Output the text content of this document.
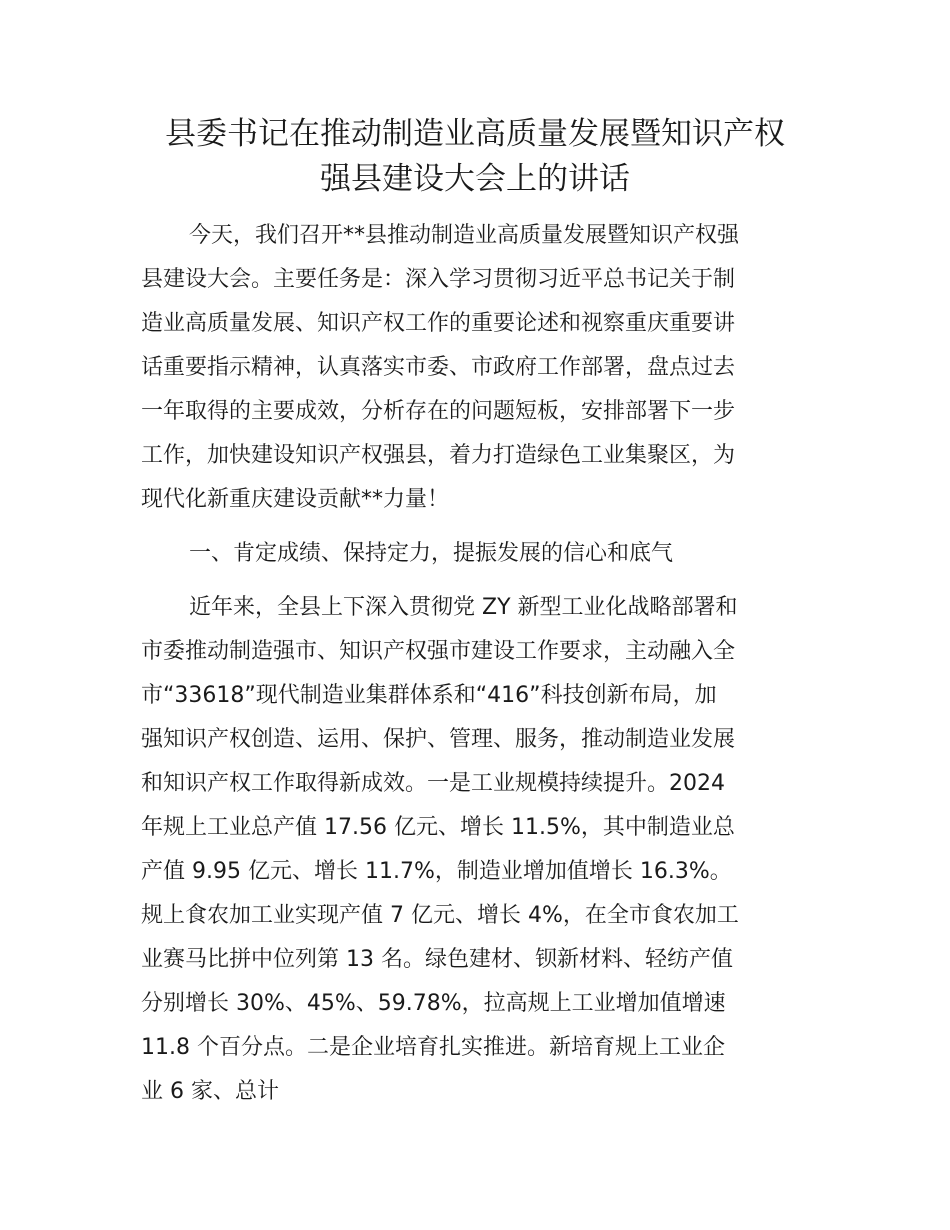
县委书记在推动制造业高质量发展暨知识产权
强县建设大会上的讲话

今天，我们召开**县推动制造业高质量发展暨知识产权强
县建设大会。主要任务是：深入学习贯彻习近平总书记关于制
造业高质量发展、知识产权工作的重要论述和视察重庆重要讲
话重要指示精神，认真落实市委、市政府工作部署，盘点过去
一年取得的主要成效，分析存在的问题短板，安排部署下一步
工作，加快建设知识产权强县，着力打造绿色工业集聚区，为
现代化新重庆建设贡献**力量！

一、肯定成绩、保持定力，提振发展的信心和底气

近年来，全县上下深入贯彻党 ZY 新型工业化战略部署和
市委推动制造强市、知识产权强市建设工作要求，主动融入全
市“33618”现代制造业集群体系和“416”科技创新布局，加
强知识产权创造、运用、保护、管理、服务，推动制造业发展
和知识产权工作取得新成效。一是工业规模持续提升。2024
年规上工业总产值 17.56 亿元、增长 11.5%，其中制造业总
产值 9.95 亿元、增长 11.7%，制造业增加值增长 16.3%。
规上食农加工业实现产值 7 亿元、增长 4%，在全市食农加工
业赛马比拼中位列第 13 名。绿色建材、钡新材料、轻纺产值
分别增长 30%、45%、59.78%，拉高规上工业增加值增速
11.8 个百分点。二是企业培育扎实推进。新培育规上工业企
业 6 家、总计
